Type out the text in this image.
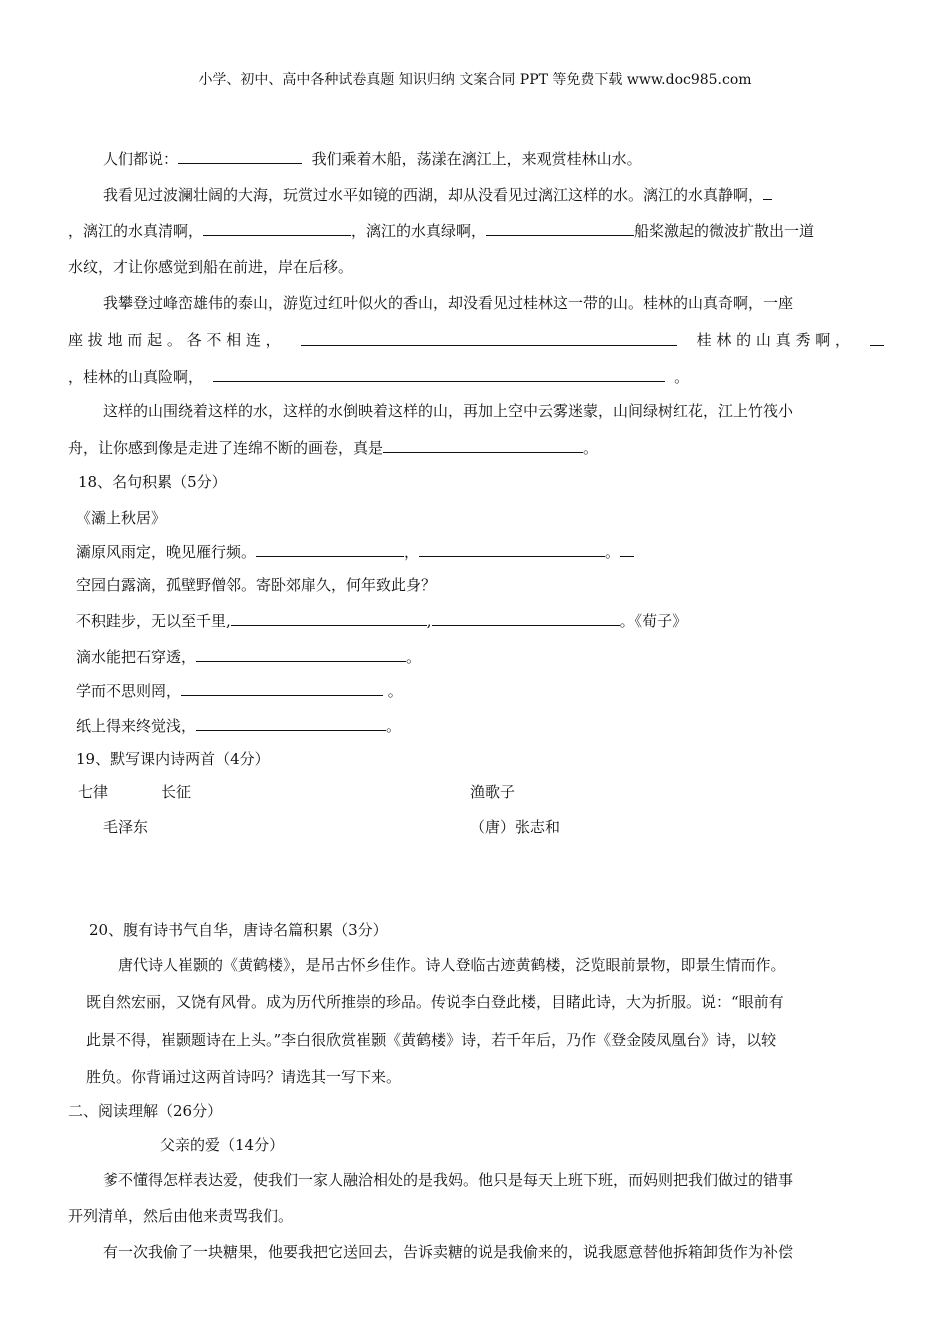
小学、初中、高中各种试卷真题 知识归纳 文案合同 PPT 等免费下载 www.doc985.com
人们都说：	我们乘着木船，荡漾在漓江上，来观赏桂林山水。
我看见过波澜壮阔的大海，玩赏过水平如镜的西湖，却从没看见过漓江这样的水。漓江的水真静啊，
，漓江的水真清啊，	，漓江的水真绿啊，	船桨激起的微波扩散出一道
水纹，才让你感觉到船在前进，岸在后移。
我攀登过峰峦雄伟的泰山，游览过红叶似火的香山，却没看见过桂林这一带的山。桂林的山真奇啊，一座
座 拔 地 而 起 。 各 不 相 连 ，	桂 林 的 山 真 秀 啊 ，
，桂林的山真险啊，	。
这样的山围绕着这样的水，这样的水倒映着这样的山，再加上空中云雾迷蒙，山间绿树红花，江上竹筏小
舟，让你感到像是走进了连绵不断的画卷，真是	。
18、名句积累（5分）
《灞上秋居》
灞原风雨定，晚见雁行频。	，	。
空园白露滴，孤壁野僧邻。寄卧郊扉久，何年致此身？
不积跬步，无以至千里,	,	。《荀子》
滴水能把石穿透，	。
学而不思则罔，	。
纸上得来终觉浅，	。
19、默写课内诗两首（4分）
七律	长征	渔歌子
毛泽东	（唐）张志和
20、腹有诗书气自华，唐诗名篇积累（3分）
唐代诗人崔颢的《黄鹤楼》，是吊古怀乡佳作。诗人登临古迹黄鹤楼，泛览眼前景物，即景生情而作。
既自然宏丽，又饶有风骨。成为历代所推崇的珍品。传说李白登此楼，目睹此诗，大为折服。说：“眼前有
此景不得，崔颢题诗在上头。”李白很欣赏崔颢《黄鹤楼》诗，若千年后，乃作《登金陵凤凰台》诗，以较
胜负。你背诵过这两首诗吗？请选其一写下来。
二、阅读理解（26分）
父亲的爱（14分）
爹不懂得怎样表达爱，使我们一家人融洽相处的是我妈。他只是每天上班下班，而妈则把我们做过的错事
开列清单，然后由他来责骂我们。
有一次我偷了一块糖果，他要我把它送回去，告诉卖糖的说是我偷来的，说我愿意替他拆箱卸货作为补偿
